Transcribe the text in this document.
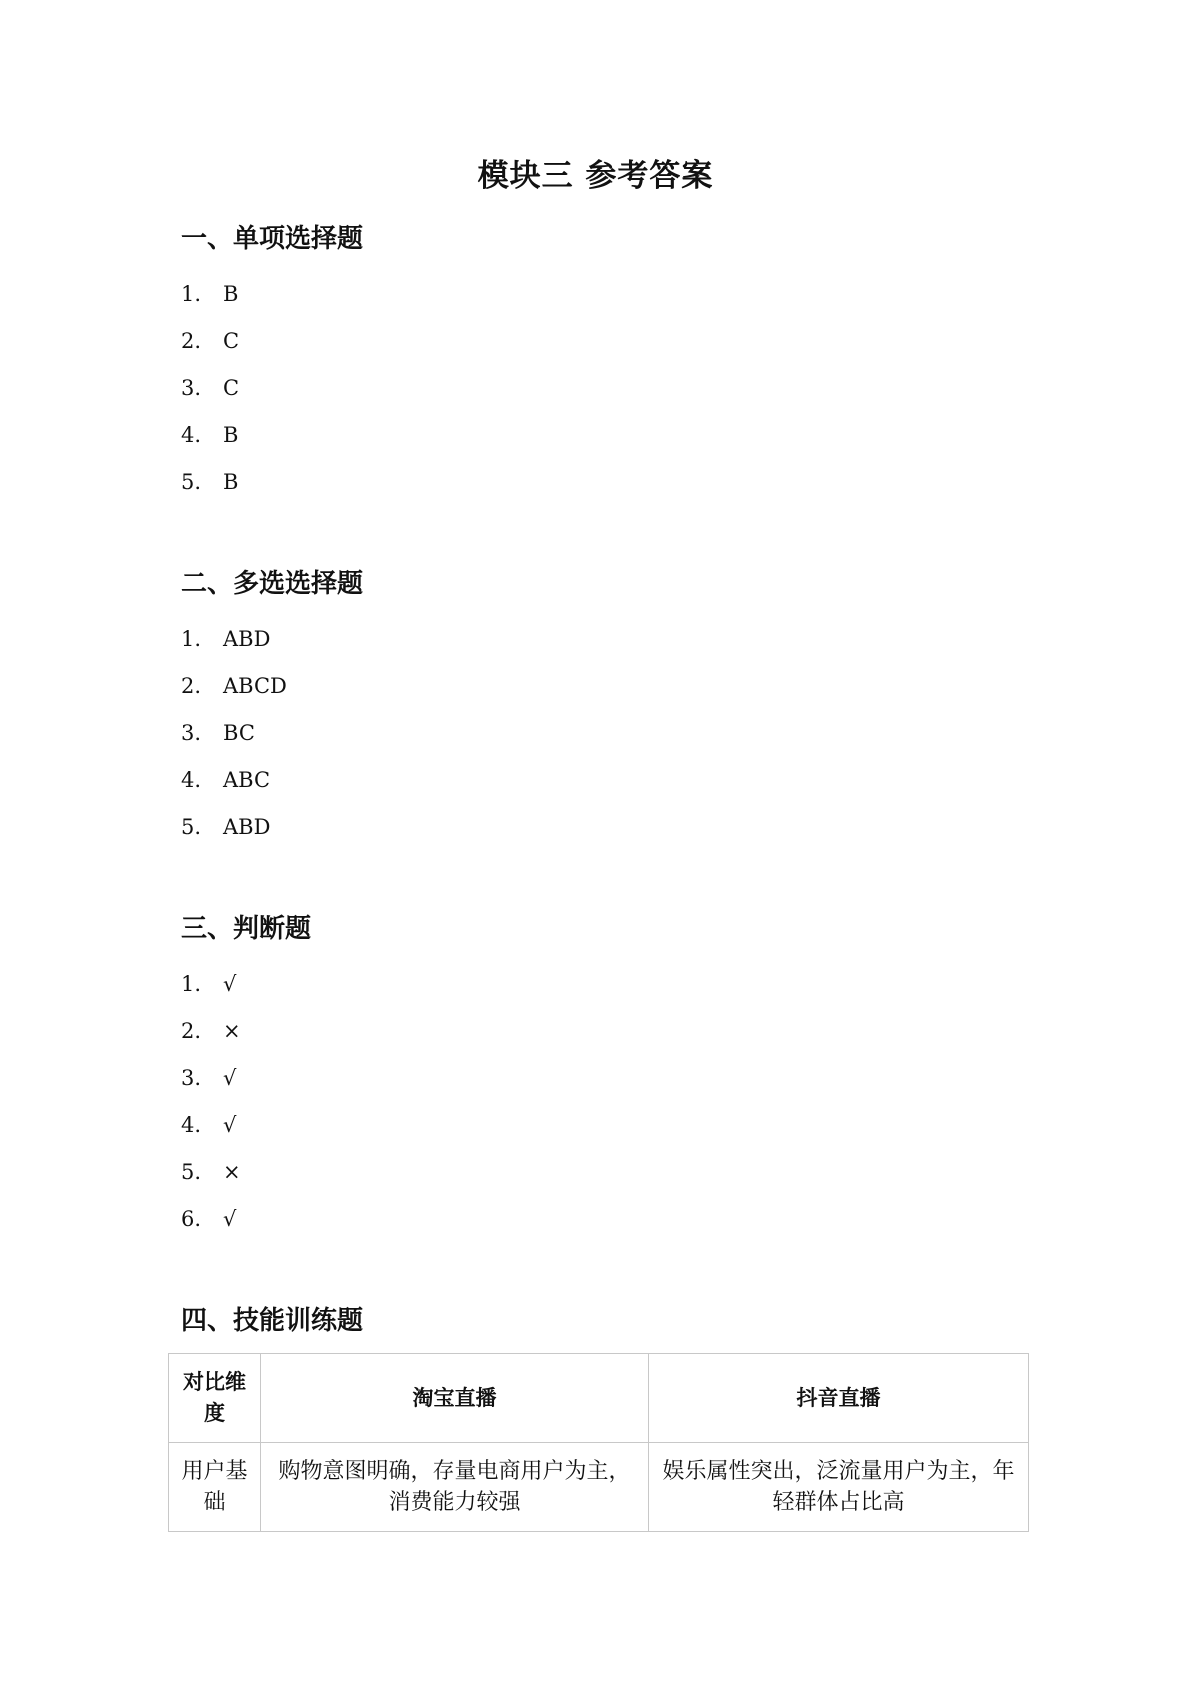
模块三 参考答案
一、单项选择题
1. B
2. C
3. C
4. B
5. B
二、多选选择题
1. ABD
2. ABCD
3. BC
4. ABC
5. ABD
三、判断题
1. √
2. ×
3. √
4. √
5. ×
6. √
四、技能训练题
对比维度	淘宝直播	抖音直播
用户基础	购物意图明确，存量电商用户为主，消费能力较强	娱乐属性突出，泛流量用户为主，年轻群体占比高
